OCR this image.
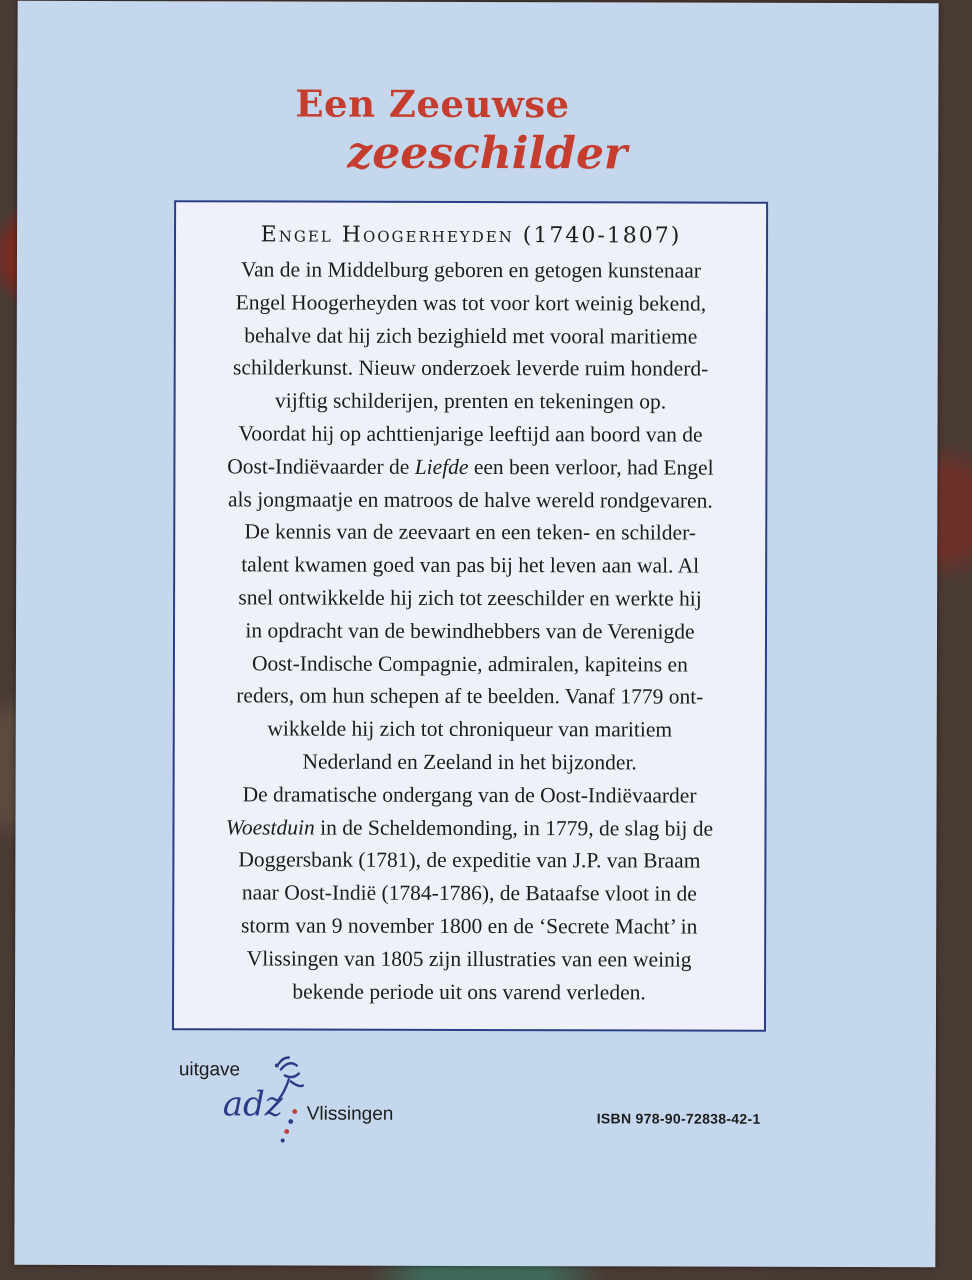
Een Zeeuwse
zeeschilder
Engel Hoogerheyden (1740-1807)
Van de in Middelburg geboren en getogen kunstenaar
Engel Hoogerheyden was tot voor kort weinig bekend,
behalve dat hij zich bezighield met vooral maritieme
schilderkunst. Nieuw onderzoek leverde ruim honderd-
vijftig schilderijen, prenten en tekeningen op.
Voordat hij op achttienjarige leeftijd aan boord van de
Oost-Indiëvaarder de Liefde een been verloor, had Engel
als jongmaatje en matroos de halve wereld rondgevaren.
De kennis van de zeevaart en een teken- en schilder-
talent kwamen goed van pas bij het leven aan wal. Al
snel ontwikkelde hij zich tot zeeschilder en werkte hij
in opdracht van de bewindhebbers van de Verenigde
Oost-Indische Compagnie, admiralen, kapiteins en
reders, om hun schepen af te beelden. Vanaf 1779 ont-
wikkelde hij zich tot chroniqueur van maritiem
Nederland en Zeeland in het bijzonder.
De dramatische ondergang van de Oost-Indiëvaarder
Woestduin in de Scheldemonding, in 1779, de slag bij de
Doggersbank (1781), de expeditie van J.P. van Braam
naar Oost-Indië (1784-1786), de Bataafse vloot in de
storm van 9 november 1800 en de ‘Secrete Macht’ in
Vlissingen van 1805 zijn illustraties van een weinig
bekende periode uit ons varend verleden.
uitgave
adz Vlissingen	ISBN 978-90-72838-42-1
